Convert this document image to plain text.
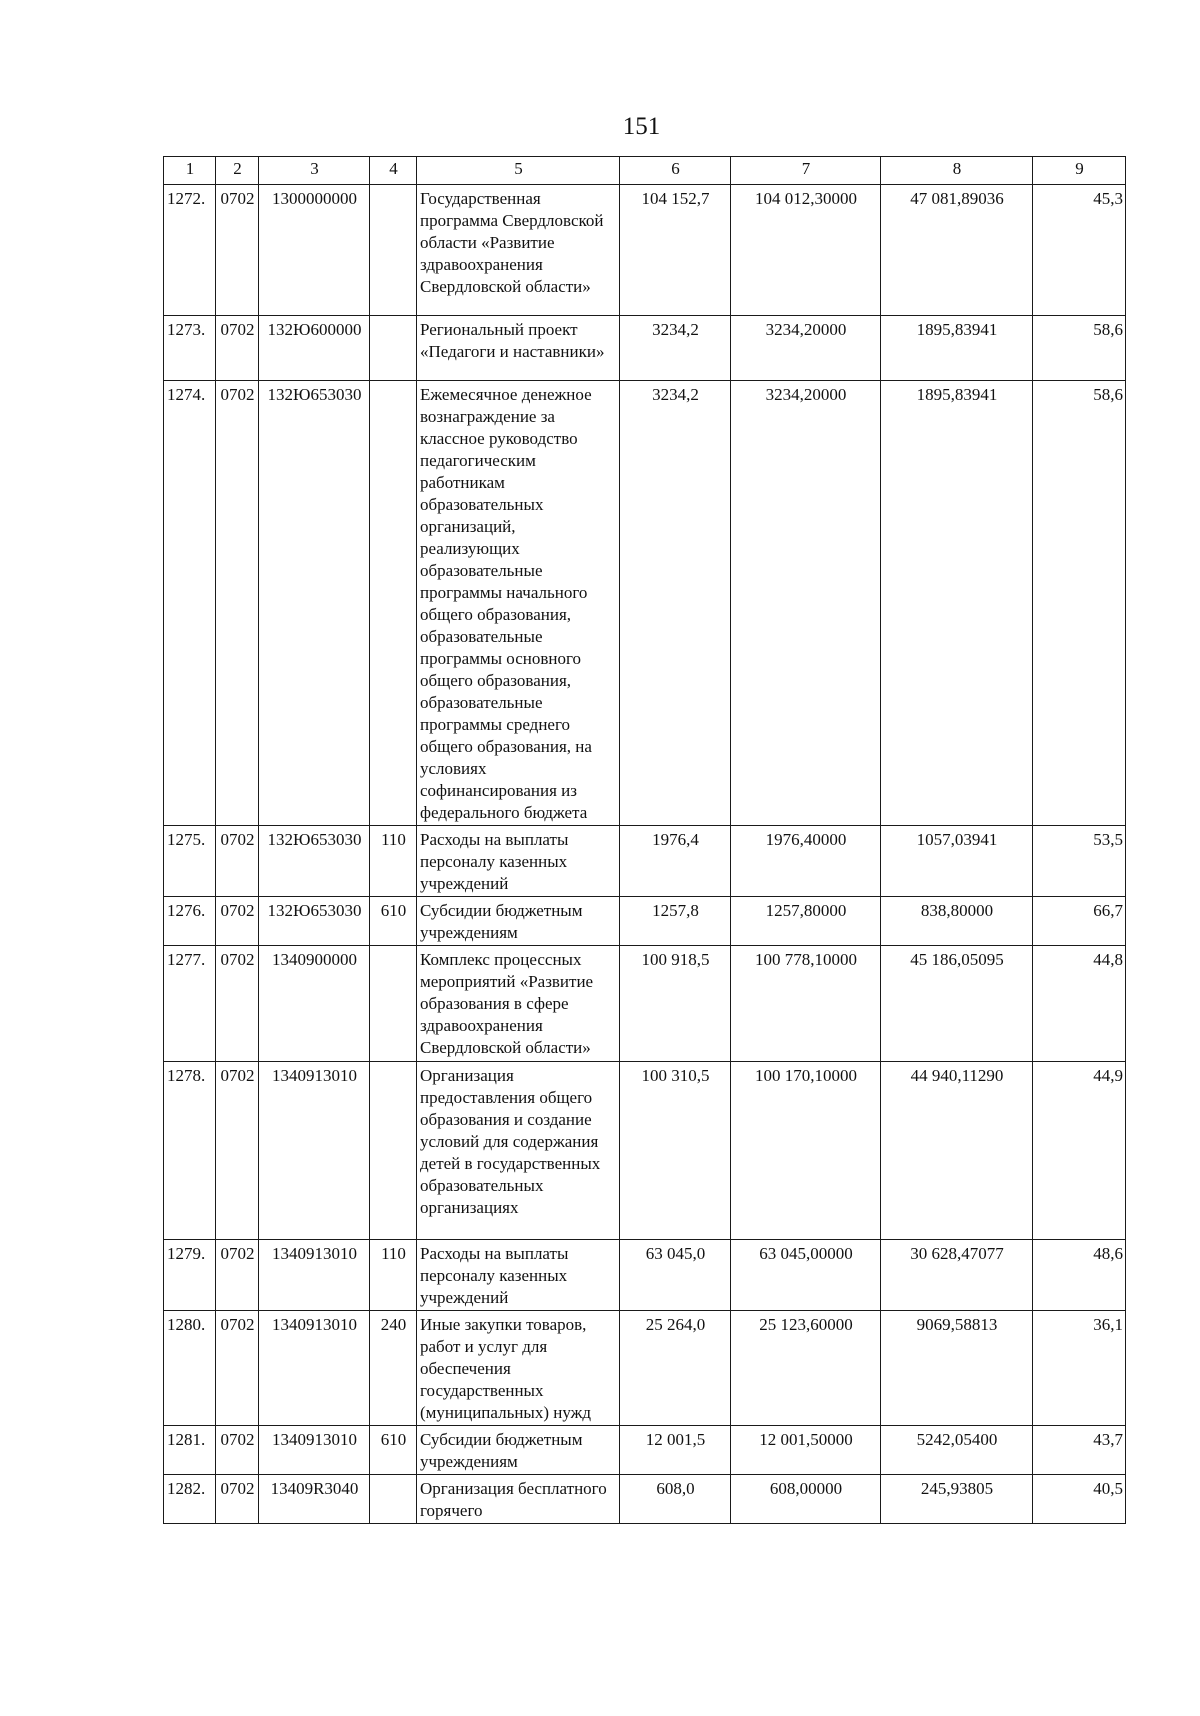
151
1	2	3	4	5	6	7	8	9
1272.	0702	1300000000		Государственная программа Свердловской области «Развитие здравоохранения Свердловской области»	104 152,7	104 012,30000	47 081,89036	45,3
1273.	0702	132Ю600000		Региональный проект «Педагоги и наставники»	3234,2	3234,20000	1895,83941	58,6
1274.	0702	132Ю653030		Ежемесячное денежное вознаграждение за классное руководство педагогическим работникам образовательных организаций, реализующих образовательные программы начального общего образования, образовательные программы основного общего образования, образовательные программы среднего общего образования, на условиях софинансирования из федерального бюджета	3234,2	3234,20000	1895,83941	58,6
1275.	0702	132Ю653030	110	Расходы на выплаты персоналу казенных учреждений	1976,4	1976,40000	1057,03941	53,5
1276.	0702	132Ю653030	610	Субсидии бюджетным учреждениям	1257,8	1257,80000	838,80000	66,7
1277.	0702	1340900000		Комплекс процессных мероприятий «Развитие образования в сфере здравоохранения Свердловской области»	100 918,5	100 778,10000	45 186,05095	44,8
1278.	0702	1340913010		Организация предоставления общего образования и создание условий для содержания детей в государственных образовательных организациях	100 310,5	100 170,10000	44 940,11290	44,9
1279.	0702	1340913010	110	Расходы на выплаты персоналу казенных учреждений	63 045,0	63 045,00000	30 628,47077	48,6
1280.	0702	1340913010	240	Иные закупки товаров, работ и услуг для обеспечения государственных (муниципальных) нужд	25 264,0	25 123,60000	9069,58813	36,1
1281.	0702	1340913010	610	Субсидии бюджетным учреждениям	12 001,5	12 001,50000	5242,05400	43,7
1282.	0702	13409R3040		Организация бесплатного горячего	608,0	608,00000	245,93805	40,5
